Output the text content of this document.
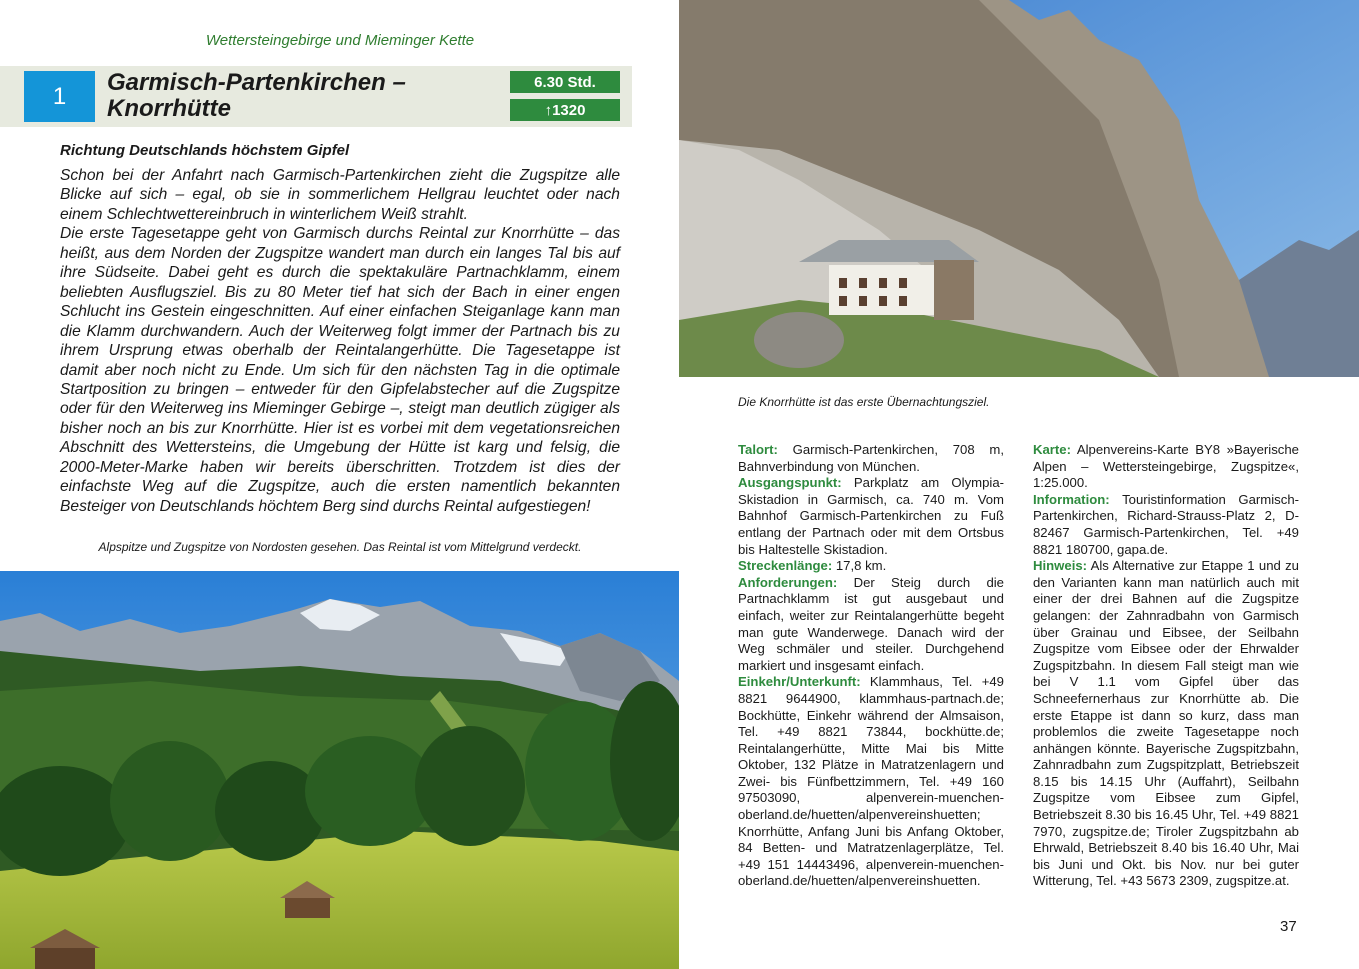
Wettersteingebirge und Mieminger Kette
1	Garmisch-Partenkirchen –
Knorrhütte
6.30 Std.
↑1320
Richtung Deutschlands höchstem Gipfel

Schon bei der Anfahrt nach Garmisch-Partenkirchen zieht die Zugspitze alle Blicke auf sich – egal, ob sie in sommerlichem Hellgrau leuchtet oder nach einem Schlechtwettereinbruch in winterlichem Weiß strahlt.

Die erste Tagesetappe geht von Garmisch durchs Reintal zur Knorrhütte – das heißt, aus dem Norden der Zugspitze wandert man durch ein langes Tal bis auf ihre Südseite. Dabei geht es durch die spektakuläre Partnachklamm, einem beliebten Ausflugsziel. Bis zu 80 Meter tief hat sich der Bach in einer engen Schlucht ins Gestein eingeschnitten. Auf einer einfachen Steiganlage kann man die Klamm durchwandern. Auch der Weiterweg folgt immer der Partnach bis zu ihrem Ursprung etwas oberhalb der Reintalangerhütte. Die Tagesetappe ist damit aber noch nicht zu Ende. Um sich für den nächsten Tag in die optimale Startposition zu bringen – entweder für den Gipfelabstecher auf die Zugspitze oder für den Weiterweg ins Mieminger Gebirge –, steigt man deutlich zügiger als bisher noch an bis zur Knorrhütte. Hier ist es vorbei mit dem vegetationsreichen Abschnitt des Wettersteins, die Umgebung der Hütte ist karg und felsig, die 2000-Meter-Marke haben wir bereits überschritten. Trotzdem ist dies der einfachste Weg auf die Zugspitze, auch die ersten namentlich bekannten Besteiger von Deutschlands höchtem Berg sind durchs Reintal aufgestiegen!

Alpspitze und Zugspitze von Nordosten gesehen. Das Reintal ist vom Mittelgrund verdeckt.
Die Knorrhütte ist das erste Übernachtungsziel.

Talort: Garmisch-Partenkirchen, 708 m, Bahnverbindung von München.

Ausgangspunkt: Parkplatz am Olympia-Skistadion in Garmisch, ca. 740 m. Vom Bahnhof Garmisch-Partenkirchen zu Fuß entlang der Partnach oder mit dem Ortsbus bis Haltestelle Skistadion.

Streckenlänge: 17,8 km.

Anforderungen: Der Steig durch die Partnachklamm ist gut ausgebaut und einfach, weiter zur Reintalangerhütte begeht man gute Wanderwege. Danach wird der Weg schmäler und steiler. Durchgehend markiert und insgesamt einfach.

Einkehr/Unterkunft: Klammhaus, Tel. +49 8821 9644900, klammhaus-partnach.de; Bockhütte, Einkehr während der Almsaison, Tel. +49 8821 73844, bockhütte.de; Reintalangerhütte, Mitte Mai bis Mitte Oktober, 132 Plätze in Matratzenlagern und Zwei- bis Fünfbettzimmern, Tel. +49 160 97503090, alpenverein-muenchen-oberland.de/huetten/alpenvereinshuetten; Knorrhütte, Anfang Juni bis Anfang Oktober, 84 Betten- und Matratzenlagerplätze, Tel. +49 151 14443496, alpenverein-muenchen-oberland.de/huetten/alpenvereinshuetten.

Karte: Alpenvereins-Karte BY8 »Bayerische Alpen – Wettersteingebirge, Zugspitze«, 1:25.000.

Information: Touristinformation Garmisch-Partenkirchen, Richard-Strauss-Platz 2, D-82467 Garmisch-Partenkirchen, Tel. +49 8821 180700, gapa.de.

Hinweis: Als Alternative zur Etappe 1 und zu den Varianten kann man natürlich auch mit einer der drei Bahnen auf die Zugspitze gelangen: der Zahnradbahn von Garmisch über Grainau und Eibsee, der Seilbahn Zugspitze vom Eibsee oder der Ehrwalder Zugspitzbahn. In diesem Fall steigt man wie bei V 1.1 vom Gipfel über das Schneefernerhaus zur Knorrhütte ab. Die erste Etappe ist dann so kurz, dass man problemlos die zweite Tagesetappe noch anhängen könnte. Bayerische Zugspitzbahn, Zahnradbahn zum Zugspitzplatt, Betriebszeit 8.15 bis 14.15 Uhr (Auffahrt), Seilbahn Zugspitze vom Eibsee zum Gipfel, Betriebszeit 8.30 bis 16.45 Uhr, Tel. +49 8821 7970, zugspitze.de; Tiroler Zugspitzbahn ab Ehrwald, Betriebszeit 8.40 bis 16.40 Uhr, Mai bis Juni und Okt. bis Nov. nur bei guter Witterung, Tel. +43 5673 2309, zugspitze.at.

37
